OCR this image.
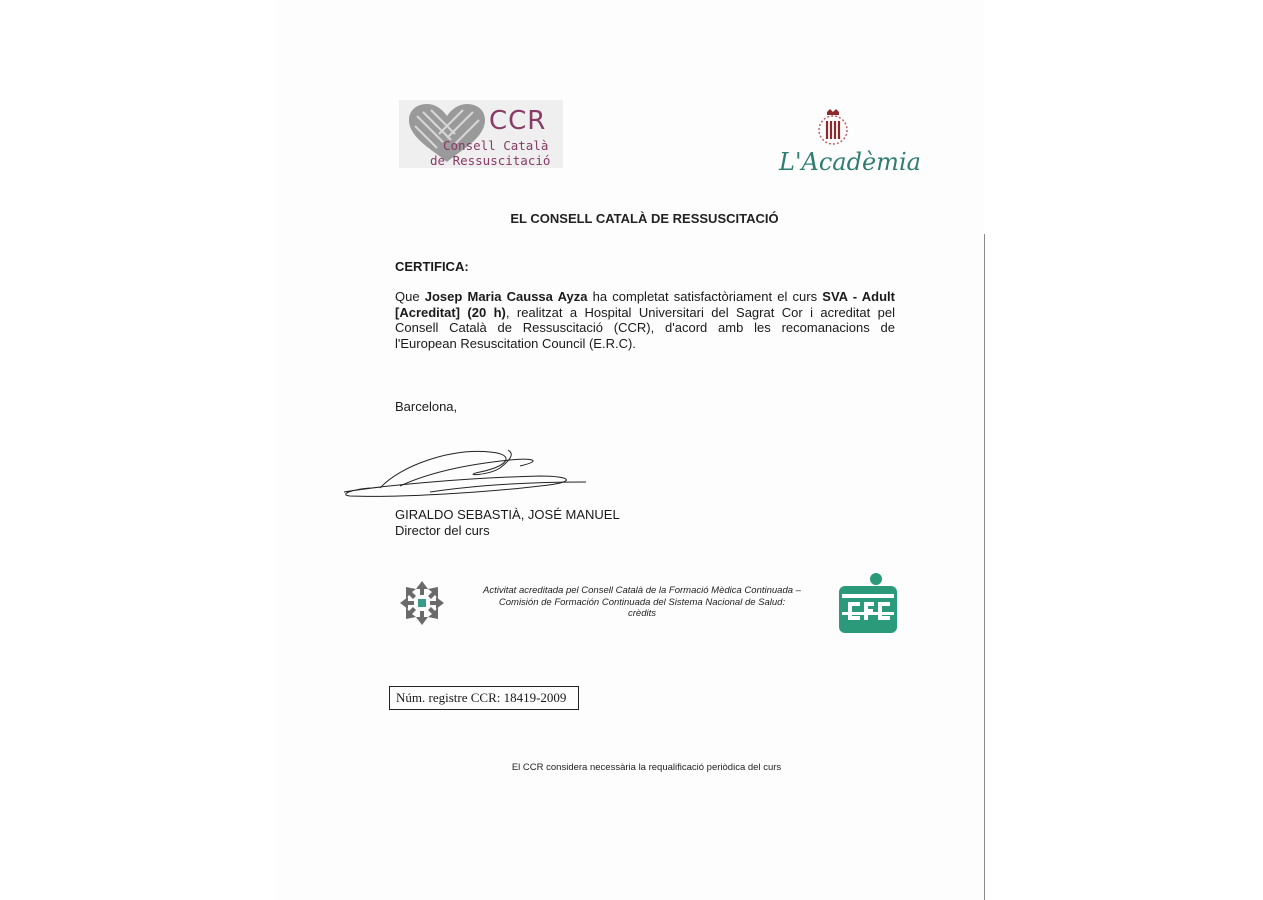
CCR
Consell Català
de Ressuscitació	L'Acadèmia
EL CONSELL CATALÀ DE RESSUSCITACIÓ
CERTIFICA:
Que Josep Maria Caussa Ayza ha completat satisfactòriament el curs SVA - Adult [Acreditat] (20 h), realitzat a Hospital Universitari del Sagrat Cor i acreditat pel Consell Català de Ressuscitació (CCR), d'acord amb les recomanacions de l'European Resuscitation Council (E.R.C).
Barcelona,
GIRALDO SEBASTIÀ, JOSÉ MANUEL
Director del curs
Activitat acreditada pel Consell Català de la Formació Mèdica Continuada –
Comisión de Formación Continuada del Sistema Nacional de Salud:
crèdits
Núm. registre CCR: 18419-2009
El CCR considera necessària la requalificació periòdica del curs
